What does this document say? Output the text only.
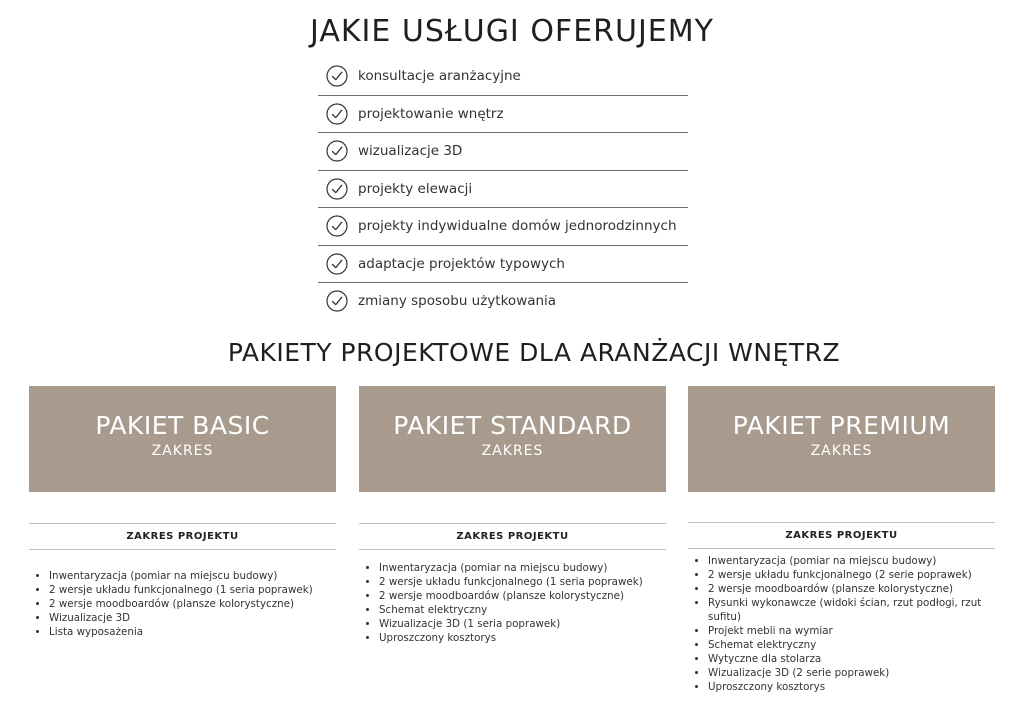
JAKIE USŁUGI OFERUJEMY
konsultacje aranżacyjne
projektowanie wnętrz
wizualizacje 3D
projekty elewacji
projekty indywidualne domów jednorodzinnych
adaptacje projektów typowych
zmiany sposobu użytkowania
PAKIETY PROJEKTOWE DLA ARANŻACJI WNĘTRZ
PAKIET BASIC
ZAKRES
ZAKRES PROJEKTU
• Inwentaryzacja (pomiar na miejscu budowy)
• 2 wersje układu funkcjonalnego (1 seria poprawek)
• 2 wersje moodboardów (plansze kolorystyczne)
• Wizualizacje 3D
• Lista wyposażenia
PAKIET STANDARD
ZAKRES
ZAKRES PROJEKTU
• Inwentaryzacja (pomiar na miejscu budowy)
• 2 wersje układu funkcjonalnego (1 seria poprawek)
• 2 wersje moodboardów (plansze kolorystyczne)
• Schemat elektryczny
• Wizualizacje 3D (1 seria poprawek)
• Uproszczony kosztorys
PAKIET PREMIUM
ZAKRES
ZAKRES PROJEKTU
• Inwentaryzacja (pomiar na miejscu budowy)
• 2 wersje układu funkcjonalnego (2 serie poprawek)
• 2 wersje moodboardów (plansze kolorystyczne)
• Rysunki wykonawcze (widoki ścian, rzut podłogi, rzut sufitu)
• Projekt mebli na wymiar
• Schemat elektryczny
• Wytyczne dla stolarza
• Wizualizacje 3D (2 serie poprawek)
• Uproszczony kosztorys
